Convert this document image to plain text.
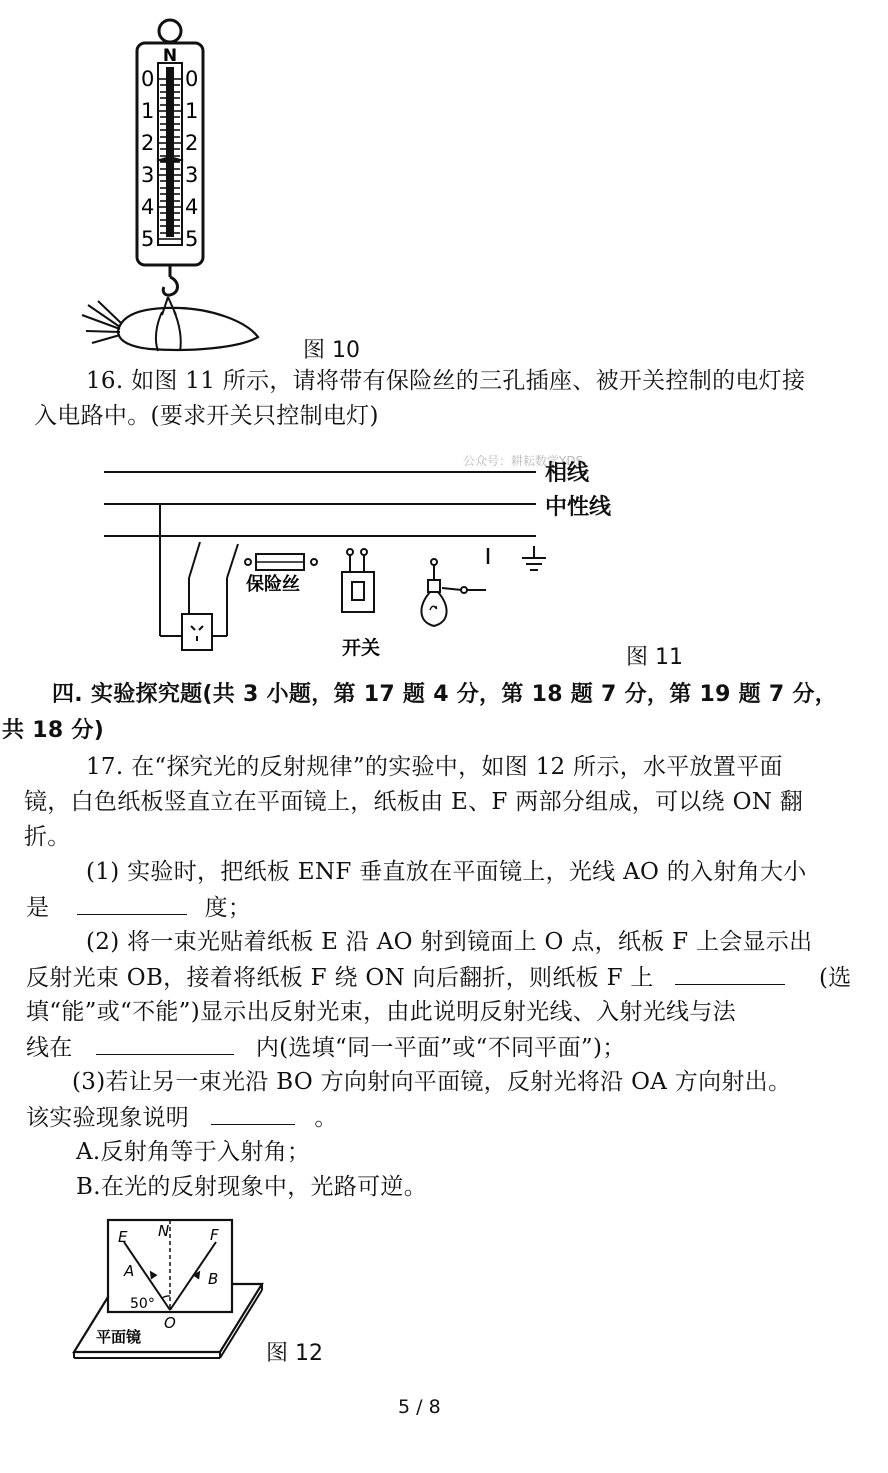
N
0
1
2
3
4
5
0
1
2
3
4
5
图 10
16. 如图 11 所示，请将带有保险丝的三孔插座、被开关控制的电灯接
入电路中。(要求开关只控制电灯)
公众号：耕耘数学YDS
保险丝
开关
相线
中性线
图 11
四. 实验探究题(共 3 小题，第 17 题 4 分，第 18 题 7 分，第 19 题 7 分，
共 18 分)
17. 在“探究光的反射规律”的实验中，如图 12 所示，水平放置平面
镜，白色纸板竖直立在平面镜上，纸板由 E、F 两部分组成，可以绕 ON 翻
折。
(1) 实验时，把纸板 ENF 垂直放在平面镜上，光线 AO 的入射角大小
是	度；
(2) 将一束光贴着纸板 E 沿 AO 射到镜面上 O 点，纸板 F 上会显示出
反射光束 OB，接着将纸板 F 绕 ON 向后翻折，则纸板 F 上	(选
填“能”或“不能”)显示出反射光束，由此说明反射光线、入射光线与法
线在	内(选填“同一平面”或“不同平面”)；
(3)若让另一束光沿 BO 方向射向平面镜，反射光将沿 OA 方向射出。
该实验现象说明	。
A.反射角等于入射角；
B.在光的反射现象中，光路可逆。
E N	F
A	B
O
50°
平面镜
图 12
5 / 8
